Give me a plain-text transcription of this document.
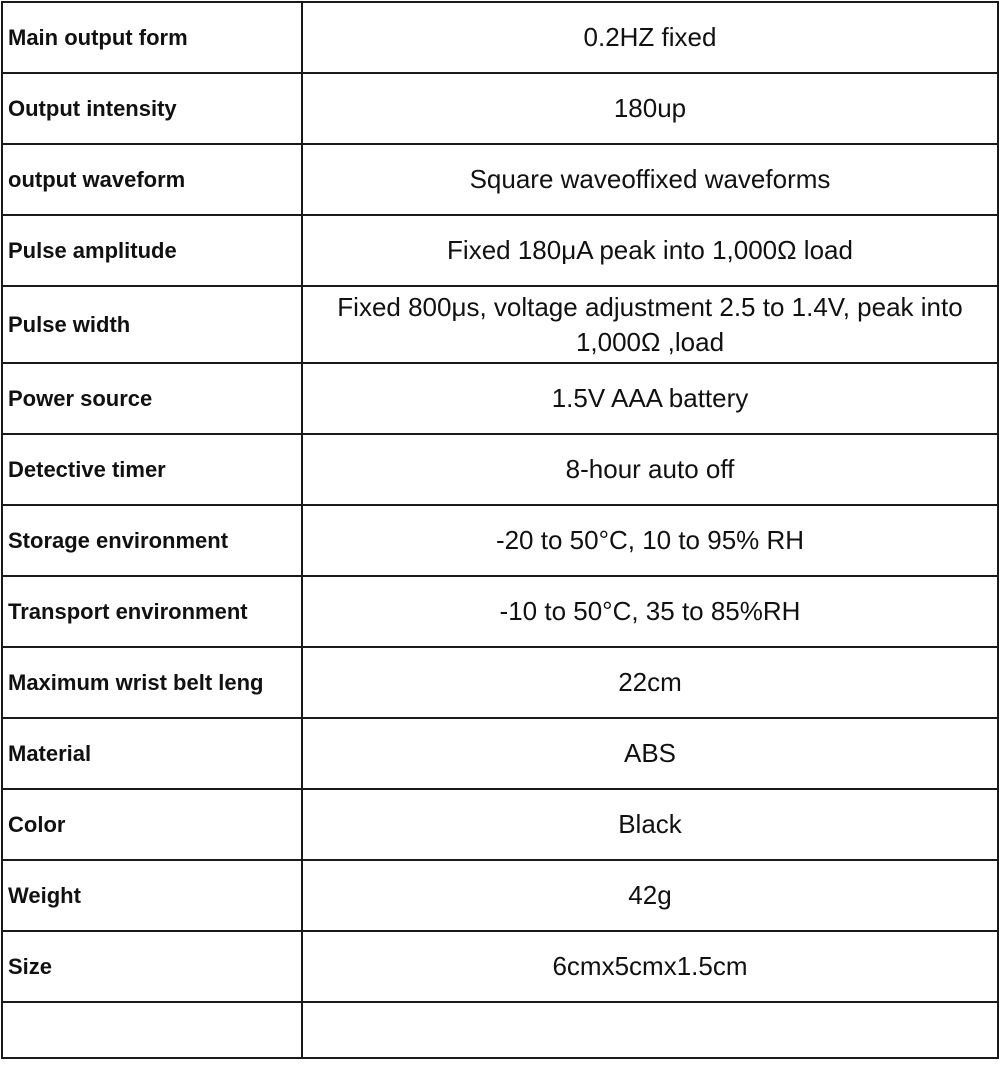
Main output form	0.2HZ fixed
Output intensity	180up
output waveform	Square waveoffixed waveforms
Pulse amplitude	Fixed 180μA peak into 1,000Ω load
Pulse width	Fixed 800μs, voltage adjustment 2.5 to 1.4V, peak into 1,000Ω ,load
Power source	1.5V AAA battery
Detective timer	8-hour auto off
Storage environment	-20 to 50°C, 10 to 95% RH
Transport environment	-10 to 50°C, 35 to 85%RH
Maximum wrist belt leng	22cm
Material	ABS
Color	Black
Weight	42g
Size	6cmx5cmx1.5cm
